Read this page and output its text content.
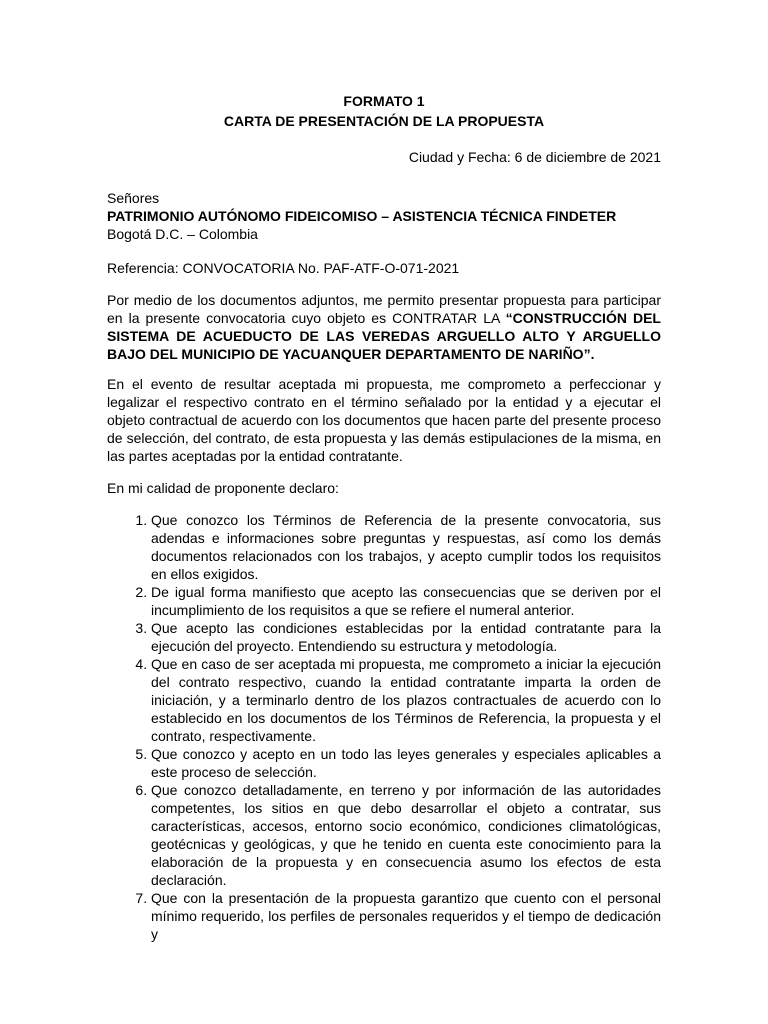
FORMATO 1
CARTA DE PRESENTACIÓN DE LA PROPUESTA
Ciudad y Fecha: 6 de diciembre de 2021
Señores
PATRIMONIO AUTÓNOMO FIDEICOMISO – ASISTENCIA TÉCNICA FINDETER
Bogotá D.C. – Colombia

Referencia: CONVOCATORIA No. PAF-ATF-O-071-2021

Por medio de los documentos adjuntos, me permito presentar propuesta para participar en la presente convocatoria cuyo objeto es CONTRATAR LA “CONSTRUCCIÓN DEL SISTEMA DE ACUEDUCTO DE LAS VEREDAS ARGUELLO ALTO Y ARGUELLO BAJO DEL MUNICIPIO DE YACUANQUER DEPARTAMENTO DE NARIÑO”.

En el evento de resultar aceptada mi propuesta, me comprometo a perfeccionar y legalizar el respectivo contrato en el término señalado por la entidad y a ejecutar el objeto contractual de acuerdo con los documentos que hacen parte del presente proceso de selección, del contrato, de esta propuesta y las demás estipulaciones de la misma, en las partes aceptadas por la entidad contratante.

En mi calidad de proponente declaro:

1. Que conozco los Términos de Referencia de la presente convocatoria, sus adendas e informaciones sobre preguntas y respuestas, así como los demás documentos relacionados con los trabajos, y acepto cumplir todos los requisitos en ellos exigidos.
2. De igual forma manifiesto que acepto las consecuencias que se deriven por el incumplimiento de los requisitos a que se refiere el numeral anterior.
3. Que acepto las condiciones establecidas por la entidad contratante para la ejecución del proyecto. Entendiendo su estructura y metodología.
4. Que en caso de ser aceptada mi propuesta, me comprometo a iniciar la ejecución del contrato respectivo, cuando la entidad contratante imparta la orden de iniciación, y a terminarlo dentro de los plazos contractuales de acuerdo con lo establecido en los documentos de los Términos de Referencia, la propuesta y el contrato, respectivamente.
5. Que conozco y acepto en un todo las leyes generales y especiales aplicables a este proceso de selección.
6. Que conozco detalladamente, en terreno y por información de las autoridades competentes, los sitios en que debo desarrollar el objeto a contratar, sus características, accesos, entorno socio económico, condiciones climatológicas, geotécnicas y geológicas, y que he tenido en cuenta este conocimiento para la elaboración de la propuesta y en consecuencia asumo los efectos de esta declaración.
7. Que con la presentación de la propuesta garantizo que cuento con el personal mínimo requerido, los perfiles de personales requeridos y el tiempo de dedicación y
